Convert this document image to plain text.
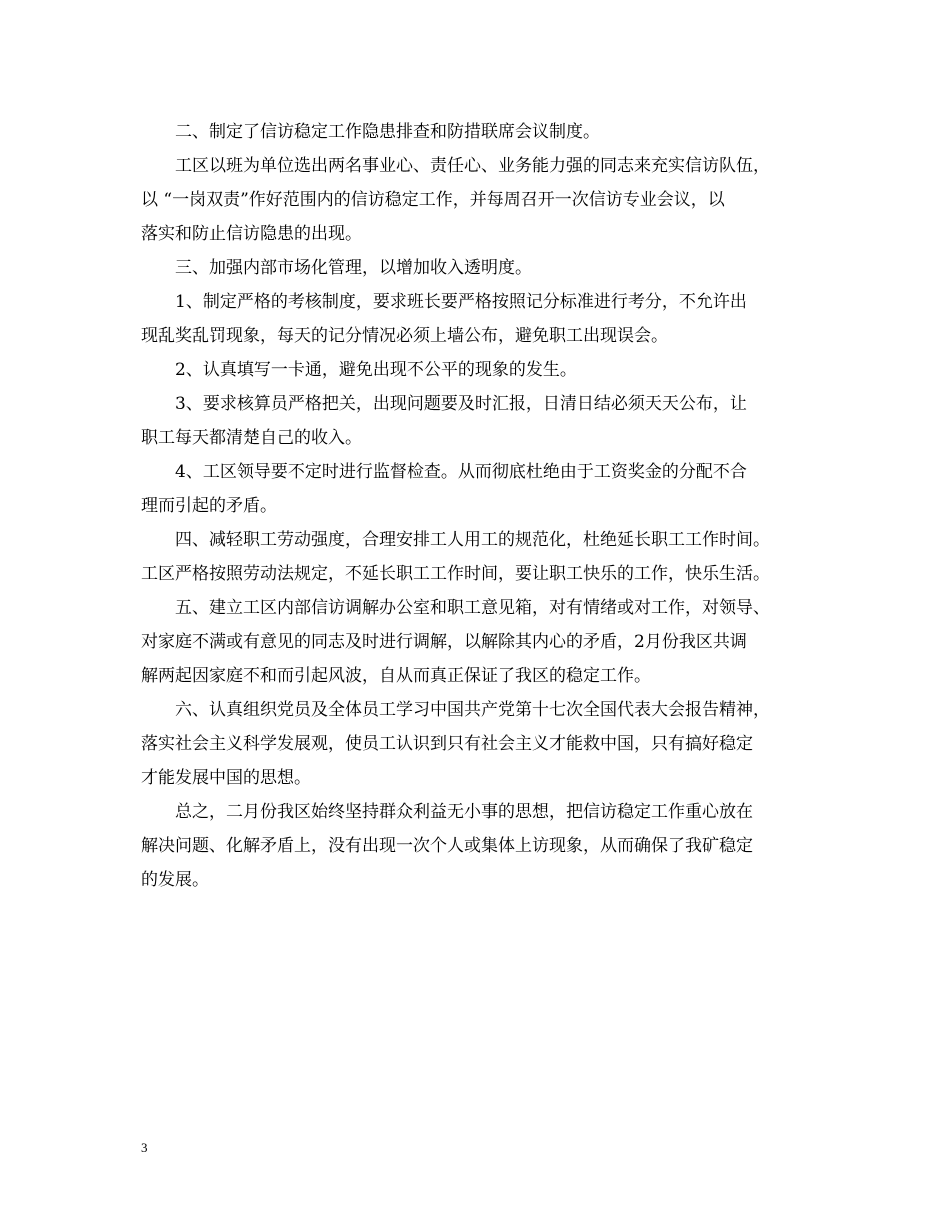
二、制定了信访稳定工作隐患排查和防措联席会议制度。
工区以班为单位选出两名事业心、责任心、业务能力强的同志来充实信访队伍，
以 “一岗双责”作好范围内的信访稳定工作，并每周召开一次信访专业会议，以
落实和防止信访隐患的出现。
三、加强内部市场化管理，以增加收入透明度。
1、制定严格的考核制度，要求班长要严格按照记分标准进行考分，不允许出
现乱奖乱罚现象，每天的记分情况必须上墙公布，避免职工出现误会。
2、认真填写一卡通，避免出现不公平的现象的发生。
3、要求核算员严格把关，出现问题要及时汇报，日清日结必须天天公布，让
职工每天都清楚自己的收入。
4、工区领导要不定时进行监督检查。从而彻底杜绝由于工资奖金的分配不合
理而引起的矛盾。
四、减轻职工劳动强度，合理安排工人用工的规范化，杜绝延长职工工作时间。
工区严格按照劳动法规定，不延长职工工作时间，要让职工快乐的工作，快乐生活。
五、建立工区内部信访调解办公室和职工意见箱，对有情绪或对工作，对领导、
对家庭不满或有意见的同志及时进行调解，以解除其内心的矛盾，2月份我区共调
解两起因家庭不和而引起风波，自从而真正保证了我区的稳定工作。
六、认真组织党员及全体员工学习中国共产党第十七次全国代表大会报告精神，
落实社会主义科学发展观，使员工认识到只有社会主义才能救中国，只有搞好稳定
才能发展中国的思想。
总之，二月份我区始终坚持群众利益无小事的思想，把信访稳定工作重心放在
解决问题、化解矛盾上，没有出现一次个人或集体上访现象，从而确保了我矿稳定
的发展。
3
